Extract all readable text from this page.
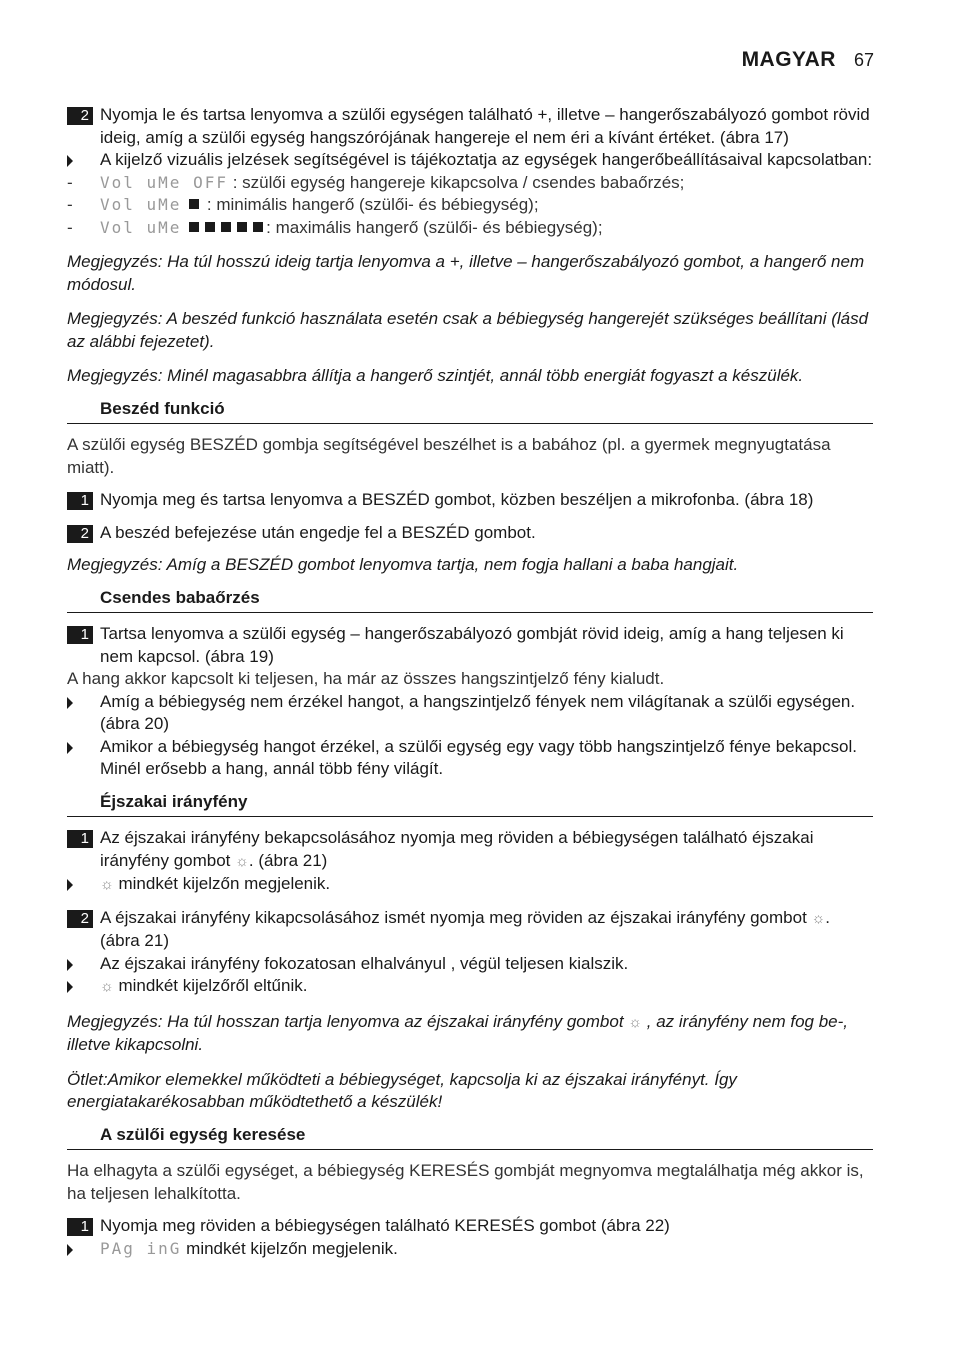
MAGYAR 67
2 Nyomja le és tartsa lenyomva a szülői egységen található +, illetve – hangerőszabályozó gombot rövid ideig, amíg a szülői egység hangszórójának hangereje el nem éri a kívánt értéket. (ábra 17)
A kijelző vizuális jelzések segítségével is tájékoztatja az egységek hangerőbeállításaival kapcsolatban:
- Vol uMe OFF : szülői egység hangereje kikapcsolva / csendes babaőrzés;
- Vol uMe  : minimális hangerő (szülői- és bébiegység);
- Vol uMe	: maximális hangerő (szülői- és bébiegység);
Megjegyzés: Ha túl hosszú ideig tartja lenyomva a +, illetve – hangerőszabályozó gombot, a hangerő nem módosul.
Megjegyzés: A beszéd funkció használata esetén csak a bébiegység hangerejét szükséges beállítani (lásd az alábbi fejezetet).
Megjegyzés: Minél magasabbra állítja a hangerő szintjét, annál több energiát fogyaszt a készülék.
Beszéd funkció
A szülői egység BESZÉD gombja segítségével beszélhet is a babához (pl. a gyermek megnyugtatása miatt).
1 Nyomja meg és tartsa lenyomva a BESZÉD gombot, közben beszéljen a mikrofonba. (ábra 18)
2 A beszéd befejezése után engedje fel a BESZÉD gombot.
Megjegyzés: Amíg a BESZÉD gombot lenyomva tartja, nem fogja hallani a baba hangjait.
Csendes babaőrzés
1 Tartsa lenyomva a szülői egység – hangerőszabályozó gombját rövid ideig, amíg a hang teljesen ki nem kapcsol. (ábra 19)
A hang akkor kapcsolt ki teljesen, ha már az összes hangszintjelző fény kialudt.
Amíg a bébiegység nem érzékel hangot, a hangszintjelző fények nem világítanak a szülői egységen. (ábra 20)
Amikor a bébiegység hangot érzékel, a szülői egység egy vagy több hangszintjelző fénye bekapcsol. Minél erősebb a hang, annál több fény világít.
Éjszakai irányfény
1 Az éjszakai irányfény bekapcsolásához nyomja meg röviden a bébiegységen található éjszakai irányfény gombot ☼. (ábra 21)
☼ mindkét kijelzőn megjelenik.
2 A éjszakai irányfény kikapcsolásához ismét nyomja meg röviden az éjszakai irányfény gombot ☼. (ábra 21)
Az éjszakai irányfény fokozatosan elhalványul , végül teljesen kialszik.
☼ mindkét kijelzőről eltűnik.
Megjegyzés: Ha túl hosszan tartja lenyomva az éjszakai irányfény gombot ☼ , az irányfény nem fog be-, illetve kikapcsolni.
Ötlet:Amikor elemekkel működteti a bébiegységet, kapcsolja ki az éjszakai irányfényt. Így energiatakarékosabban működtethető a készülék!
A szülői egység keresése
Ha elhagyta a szülői egységet, a bébiegység KERESÉS gombját megnyomva megtalálhatja még akkor is, ha teljesen lehalkította.
1 Nyomja meg röviden a bébiegységen található KERESÉS gombot (ábra 22)
PAg inG mindkét kijelzőn megjelenik.
